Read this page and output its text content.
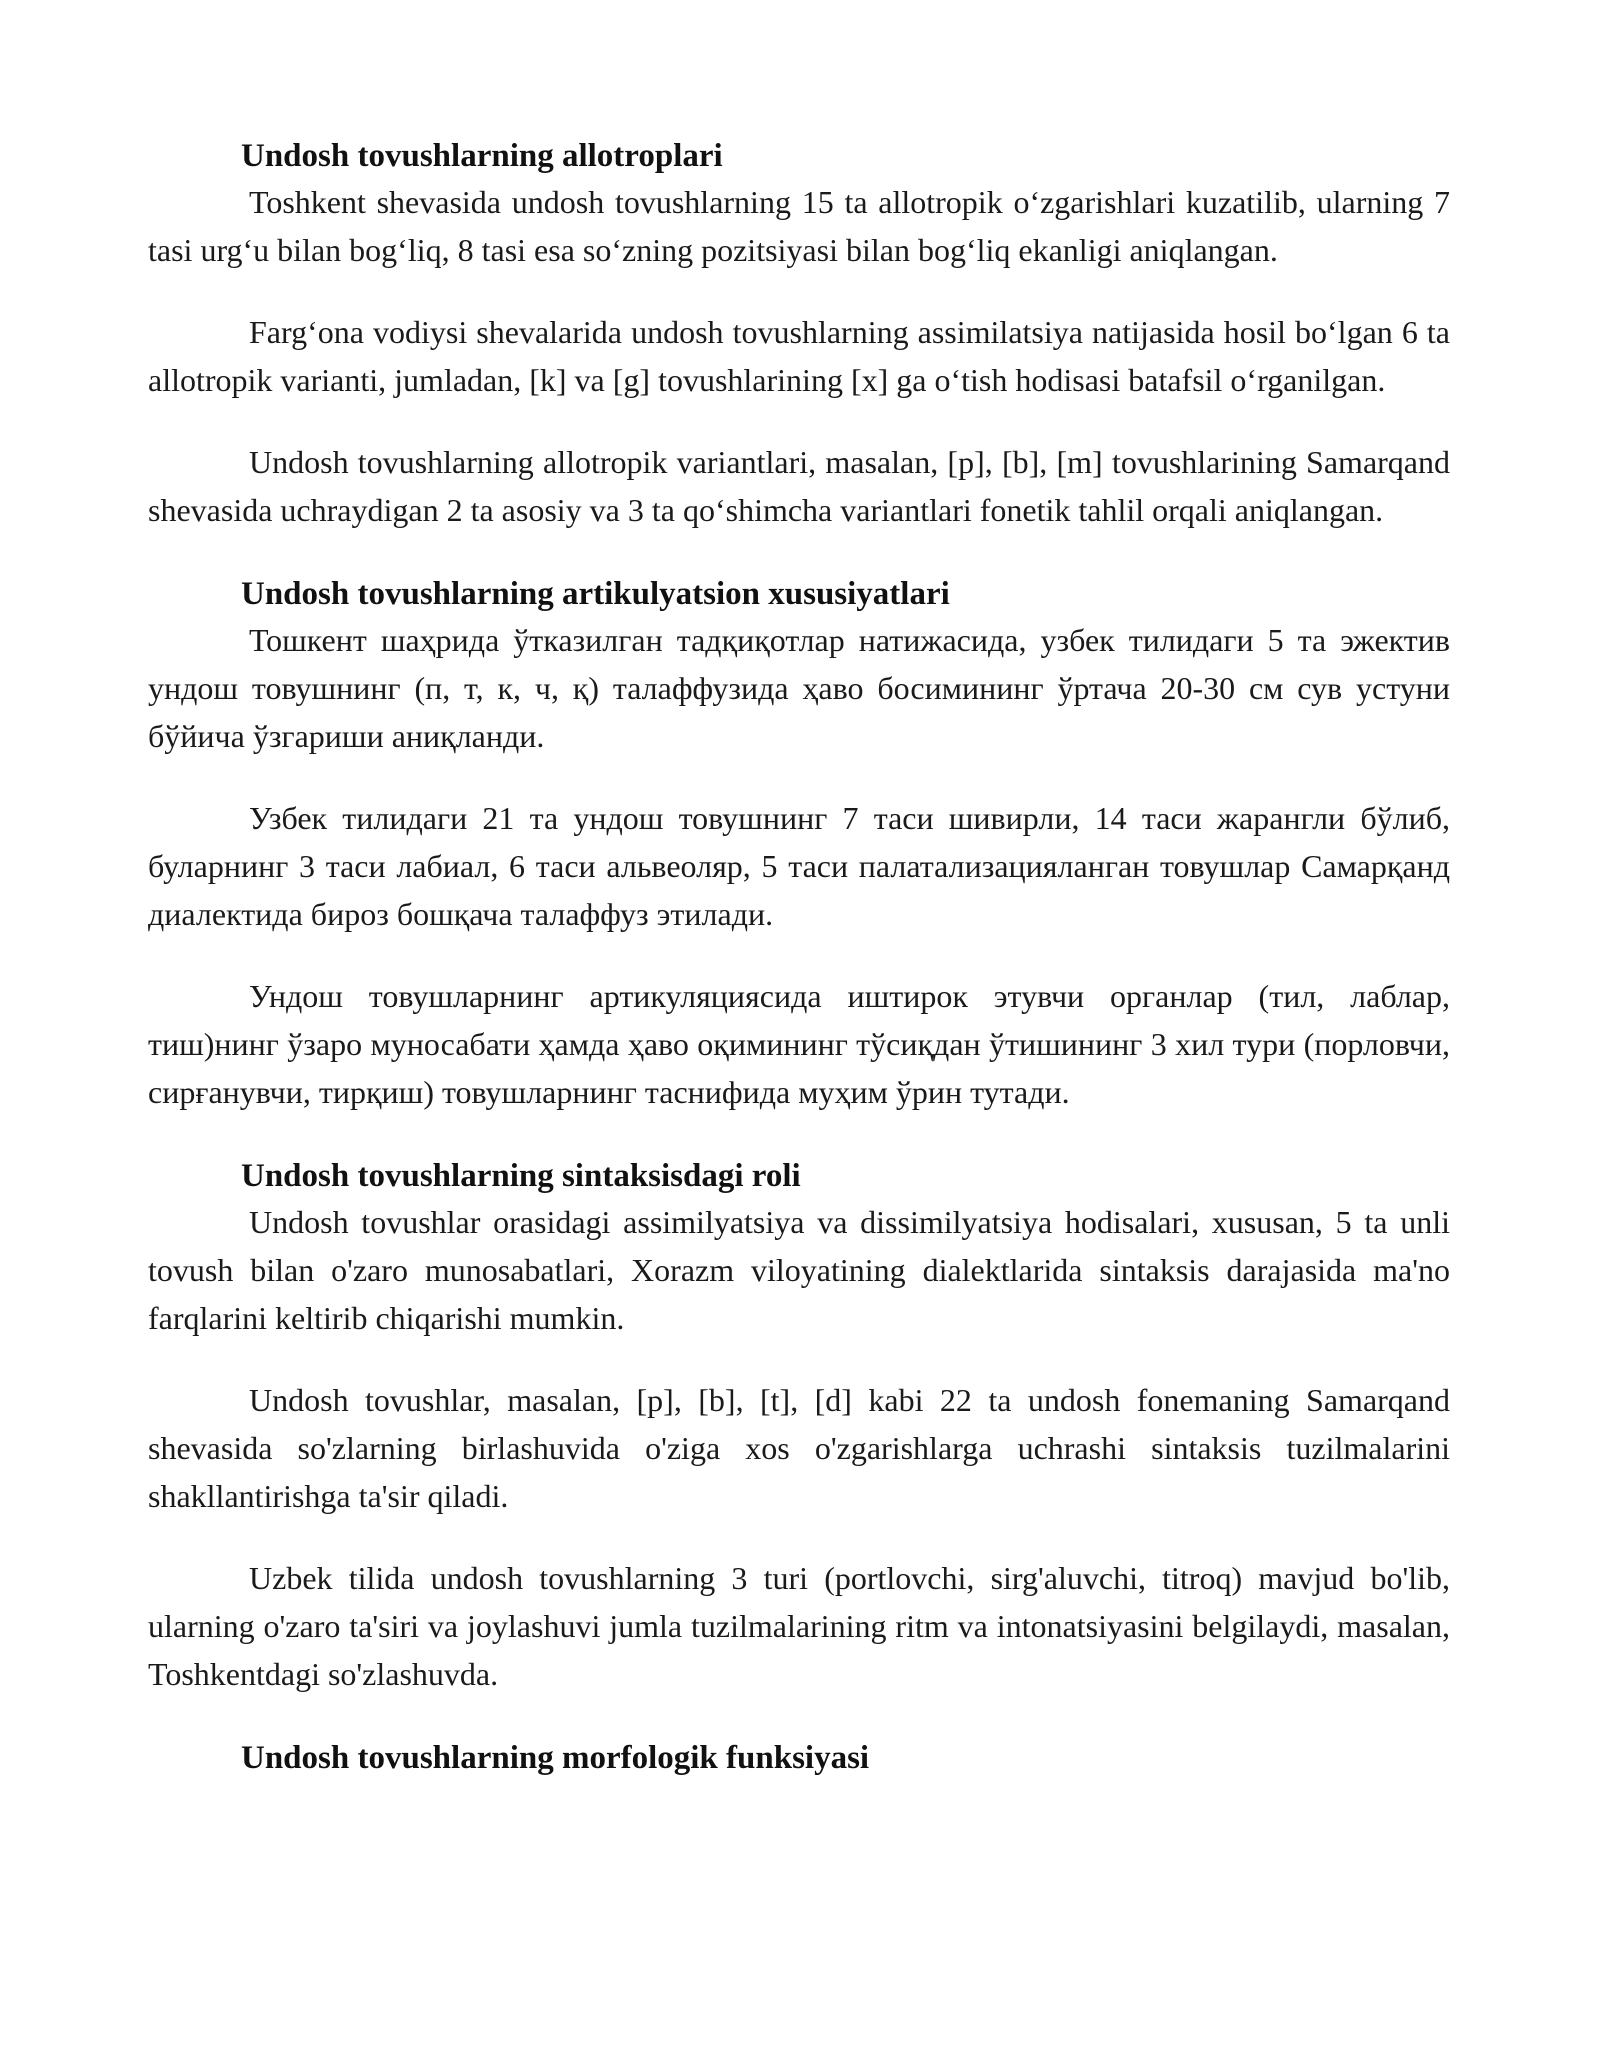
Undosh tovushlarning allotroplari

Toshkent shevasida undosh tovushlarning 15 ta allotropik o‘zgarishlari kuzatilib, ularning 7 tasi urg‘u bilan bog‘liq, 8 tasi esa so‘zning pozitsiyasi bilan bog‘liq ekanligi aniqlangan.

Farg‘ona vodiysi shevalarida undosh tovushlarning assimilatsiya natijasida hosil bo‘lgan 6 ta allotropik varianti, jumladan, [k] va [g] tovushlarining [x] ga o‘tish hodisasi batafsil o‘rganilgan.

Undosh tovushlarning allotropik variantlari, masalan, [p], [b], [m] tovushlarining Samarqand shevasida uchraydigan 2 ta asosiy va 3 ta qo‘shimcha variantlari fonetik tahlil orqali aniqlangan.

Undosh tovushlarning artikulyatsion xususiyatlari

Тошкент шаҳрида ўтказилган тадқиқотлар натижасида, узбек тилидаги 5 та эжектив ундош товушнинг (п, т, к, ч, қ) талаффузида ҳаво босимининг ўртача 20-30 см сув устуни бўйича ўзгариши аниқланди.

Узбек тилидаги 21 та ундош товушнинг 7 таси шивирли, 14 таси жарангли бўлиб, буларнинг 3 таси лабиал, 6 таси альвеоляр, 5 таси палатализацияланган товушлар Самарқанд диалектида бироз бошқача талаффуз этилади.

Ундош товушларнинг артикуляциясида иштирок этувчи органлар (тил, лаблар, тиш)нинг ўзаро муносабати ҳамда ҳаво оқимининг тўсиқдан ўтишининг 3 хил тури (порловчи, сирғанувчи, тирқиш) товушларнинг таснифида муҳим ўрин тутади.

Undosh tovushlarning sintaksisdagi roli

Undosh tovushlar orasidagi assimilyatsiya va dissimilyatsiya hodisalari, xususan, 5 ta unli tovush bilan o'zaro munosabatlari, Xorazm viloyatining dialektlarida sintaksis darajasida ma'no farqlarini keltirib chiqarishi mumkin.

Undosh tovushlar, masalan, [p], [b], [t], [d] kabi 22 ta undosh fonemaning Samarqand shevasida so'zlarning birlashuvida o'ziga xos o'zgarishlarga uchrashi sintaksis tuzilmalarini shakllantirishga ta'sir qiladi.

Uzbek tilida undosh tovushlarning 3 turi (portlovchi, sirg'aluvchi, titroq) mavjud bo'lib, ularning o'zaro ta'siri va joylashuvi jumla tuzilmalarining ritm va intonatsiyasini belgilaydi, masalan, Toshkentdagi so'zlashuvda.

Undosh tovushlarning morfologik funksiyasi
